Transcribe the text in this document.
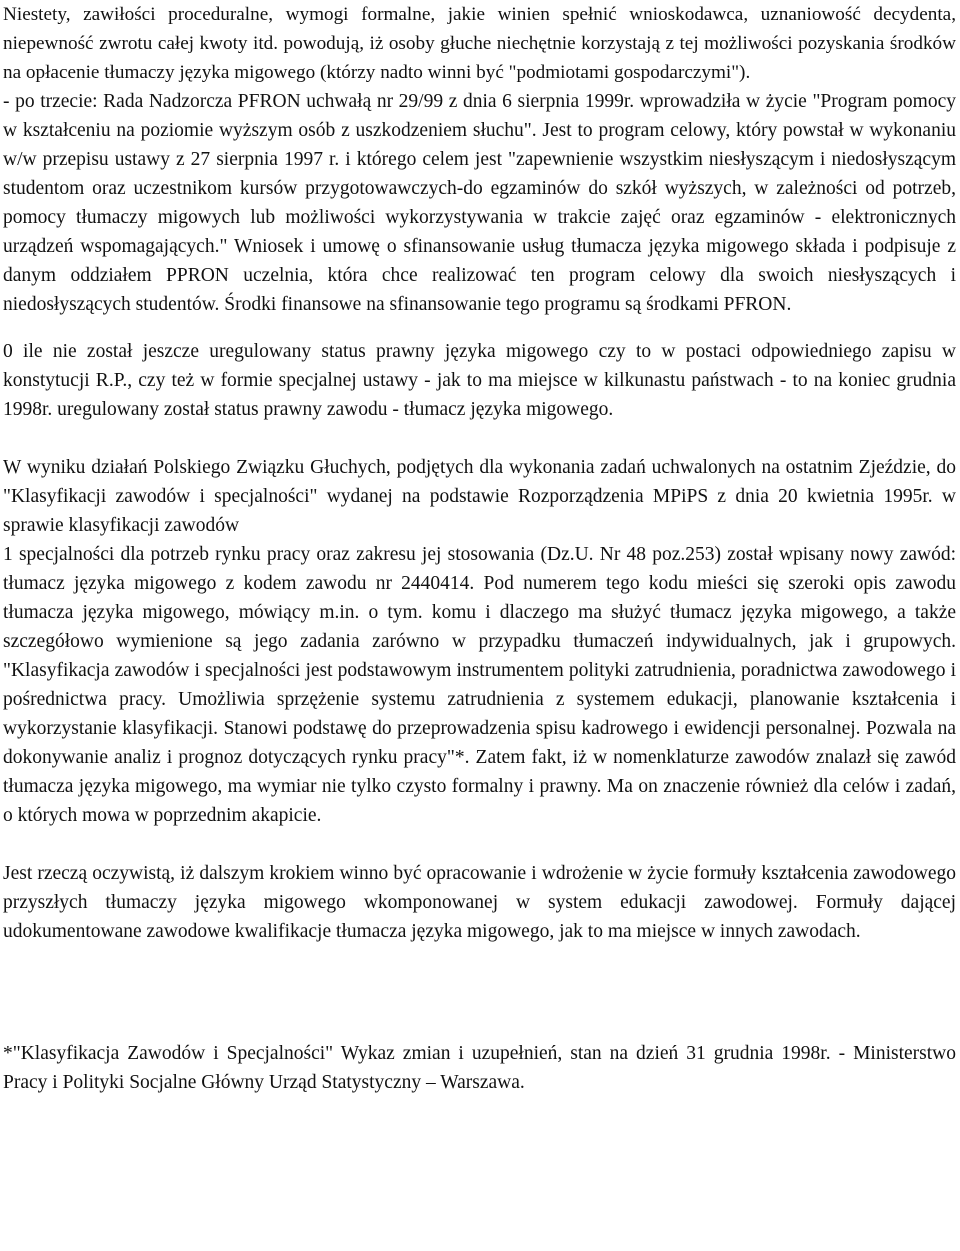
Niestety, zawiłości proceduralne, wymogi formalne, jakie winien spełnić wnioskodawca, uznaniowość decydenta, niepewność zwrotu całej kwoty itd. powodują, iż osoby głuche niechętnie korzystają z tej możliwości pozyskania środków na opłacenie tłumaczy języka migowego (którzy nadto winni być "podmiotami gospodarczymi").

- po trzecie: Rada Nadzorcza PFRON uchwałą nr 29/99 z dnia 6 sierpnia 1999r. wprowadziła w życie "Program pomocy w kształceniu na poziomie wyższym osób z uszkodzeniem słuchu". Jest to program celowy, który powstał w wykonaniu w/w przepisu ustawy z 27 sierpnia 1997 r. i którego celem jest "zapewnienie wszystkim niesłyszącym i niedosłyszącym studentom oraz uczestnikom kursów przygotowawczych-do egzaminów do szkół wyższych, w zależności od potrzeb, pomocy tłumaczy migowych lub możliwości wykorzystywania w trakcie zajęć oraz egzaminów - elektronicznych urządzeń wspomagających." Wniosek i umowę o sfinansowanie usług tłumacza języka migowego składa i podpisuje z danym oddziałem PPRON uczelnia, która chce realizować ten program celowy dla swoich niesłyszących i niedosłyszących studentów. Środki finansowe na sfinansowanie tego programu są środkami PFRON.

0 ile nie został jeszcze uregulowany status prawny języka migowego czy to w postaci odpowiedniego zapisu w konstytucji R.P., czy też w formie specjalnej ustawy - jak to ma miejsce w kilkunastu państwach - to na koniec grudnia 1998r. uregulowany został status prawny zawodu - tłumacz języka migowego.

W wyniku działań Polskiego Związku Głuchych, podjętych dla wykonania zadań uchwalonych na ostatnim Zjeździe, do "Klasyfikacji zawodów i specjalności" wydanej na podstawie Rozporządzenia MPiPS z dnia 20 kwietnia 1995r. w sprawie klasyfikacji zawodów

1 specjalności dla potrzeb rynku pracy oraz zakresu jej stosowania (Dz.U. Nr 48 poz.253) został wpisany nowy zawód: tłumacz języka migowego z kodem zawodu nr 2440414. Pod numerem tego kodu mieści się szeroki opis zawodu tłumacza języka migowego, mówiący m.in. o tym. komu i dlaczego ma służyć tłumacz języka migowego, a także szczegółowo wymienione są jego zadania zarówno w przypadku tłumaczeń indywidualnych, jak i grupowych. "Klasyfikacja zawodów i specjalności jest podstawowym instrumentem polityki zatrudnienia, poradnictwa zawodowego i pośrednictwa pracy. Umożliwia sprzężenie systemu zatrudnienia z systemem edukacji, planowanie kształcenia i wykorzystanie klasyfikacji. Stanowi podstawę do przeprowadzenia spisu kadrowego i ewidencji personalnej. Pozwala na dokonywanie analiz i prognoz dotyczących rynku pracy"*. Zatem fakt, iż w nomenklaturze zawodów znalazł się zawód tłumacza języka migowego, ma wymiar nie tylko czysto formalny i prawny. Ma on znaczenie również dla celów i zadań, o których mowa w poprzednim akapicie.

Jest rzeczą oczywistą, iż dalszym krokiem winno być opracowanie i wdrożenie w życie formuły kształcenia zawodowego przyszłych tłumaczy języka migowego wkomponowanej w system edukacji zawodowej. Formuły dającej udokumentowane zawodowe kwalifikacje tłumacza języka migowego, jak to ma miejsce w innych zawodach.

*"Klasyfikacja Zawodów i Specjalności" Wykaz zmian i uzupełnień, stan na dzień 31 grudnia 1998r. - Ministerstwo Pracy i Polityki Socjalne Główny Urząd Statystyczny – Warszawa.
